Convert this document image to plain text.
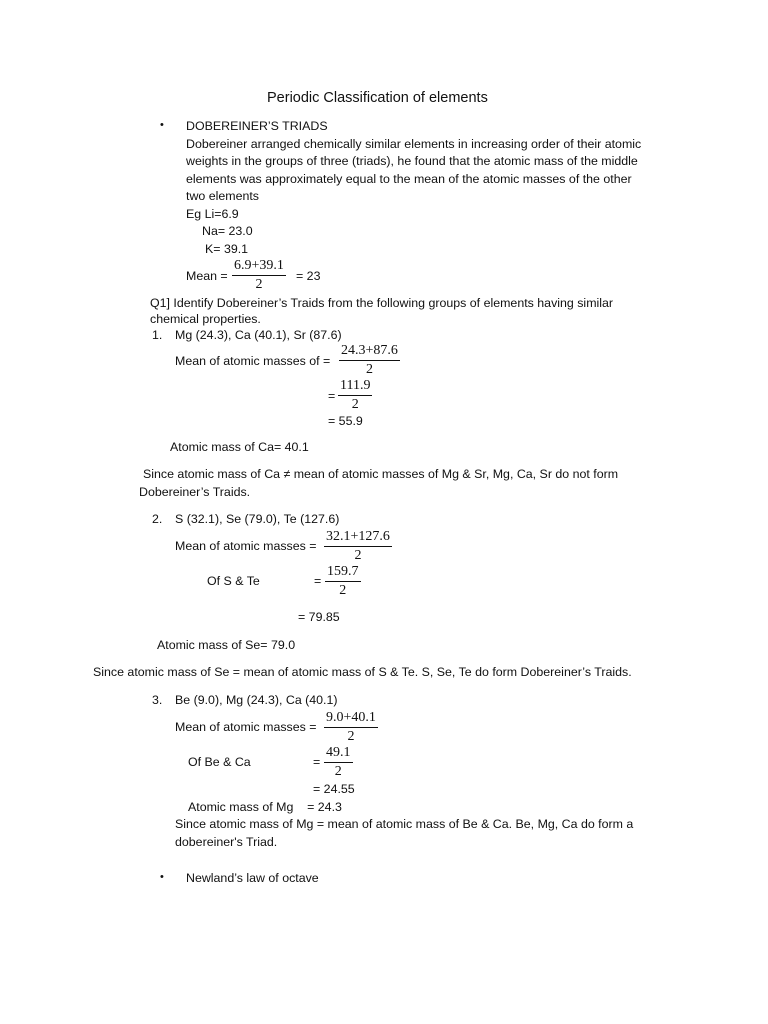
Periodic Classification of elements
• DOBEREINER’S TRIADS
Dobereiner arranged chemically similar elements in increasing order of their atomic
weights in the groups of three (triads), he found that the atomic mass of the middle
elements was approximately equal to the mean of the atomic masses of the other
two elements
Eg Li=6.9
Na= 23.0
K= 39.1
Mean = $\frac{6.9+39.1}{2} = 23$
Q1] Identify Dobereiner’s Traids from the following groups of elements having similar
chemical properties.
1. Mg (24.3), Ca (40.1), Sr (87.6)
Mean of atomic masses of = $\frac{24.3+87.6}{2}$
= $\frac{111.9}{2}$
= 55.9
Atomic mass of Ca= 40.1
Since atomic mass of Ca ≠ mean of atomic masses of Mg & Sr, Mg, Ca, Sr do not form
Dobereiner’s Traids.
2. S (32.1), Se (79.0), Te (127.6)
Mean of atomic masses = $\frac{32.1+127.6}{2}$
Of S & Te	= $\frac{159.7}{2}$
= 79.85
Atomic mass of Se= 79.0
Since atomic mass of Se = mean of atomic mass of S & Te. S, Se, Te do form Dobereiner’s Traids.
3. Be (9.0), Mg (24.3), Ca (40.1)
Mean of atomic masses = $\frac{9.0+40.1}{2}$
Of Be & Ca	= $\frac{49.1}{2}$
= 24.55
Atomic mass of Mg    = 24.3
Since atomic mass of Mg = mean of atomic mass of Be & Ca. Be, Mg, Ca do form a
dobereiner's Triad.
• Newland’s law of octave
